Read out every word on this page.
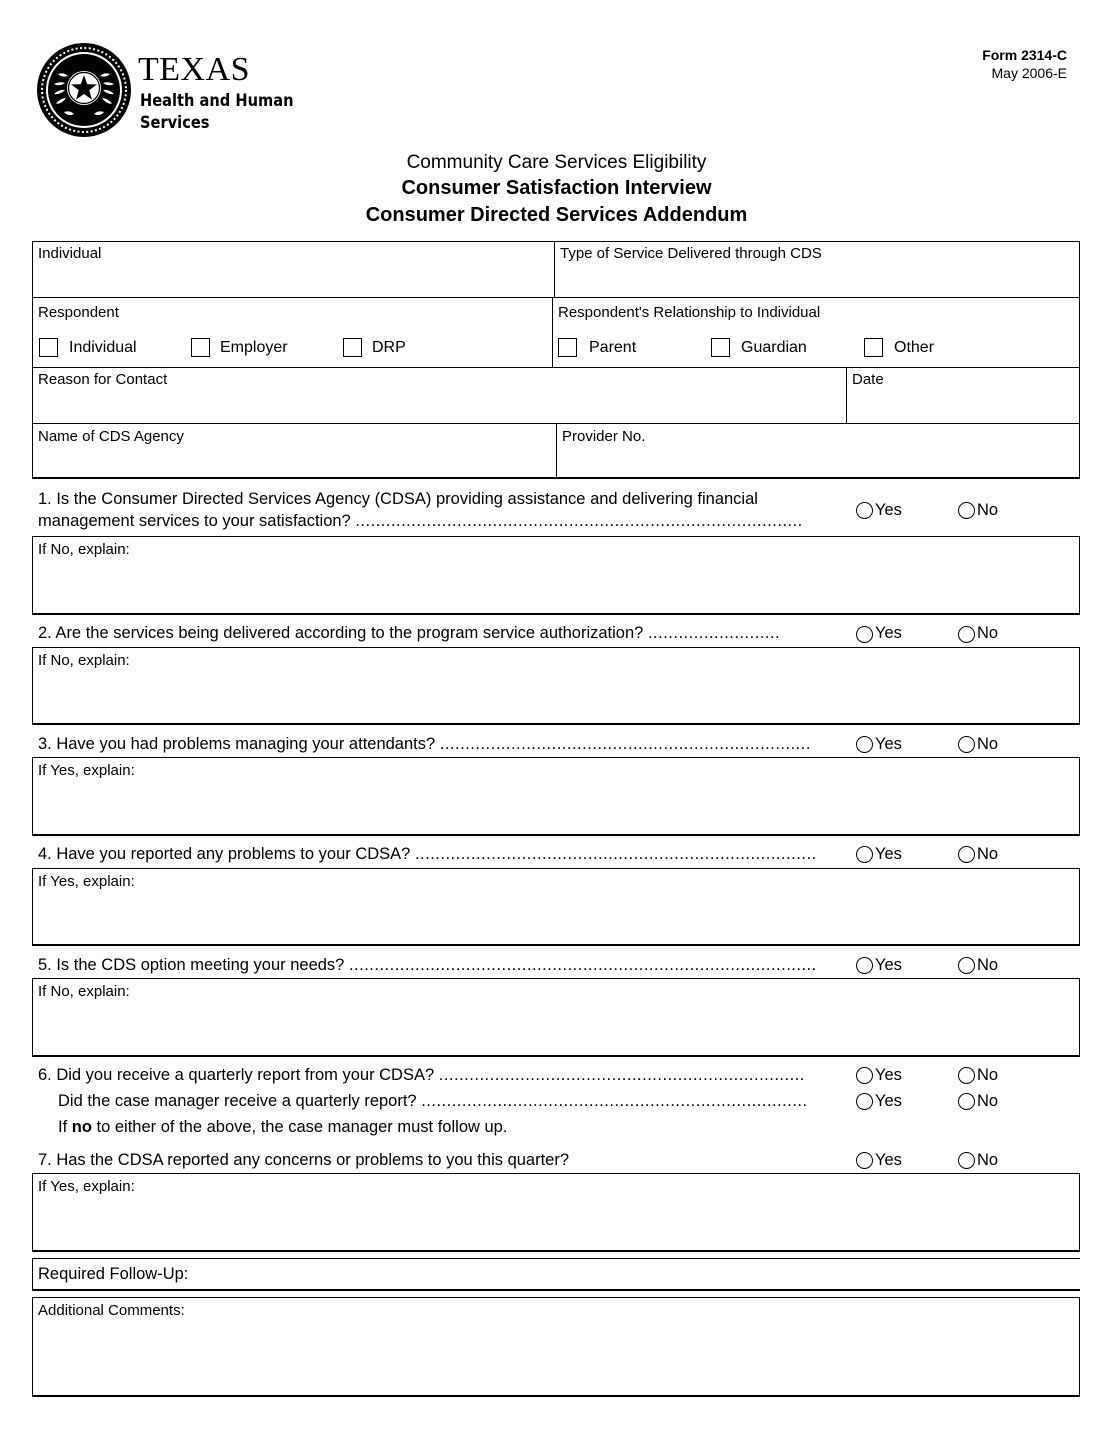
TEXAS
Health and Human
Services
Form 2314-C
May 2006-E
Community Care Services Eligibility
Consumer Satisfaction Interview
Consumer Directed Services Addendum
Individual	Type of Service Delivered through CDS
Respondent
Individual	Employer	DRP
Respondent's Relationship to Individual
Parent	Guardian	Other
Reason for Contact	Date
Name of CDS Agency	Provider No.
1. Is the Consumer Directed Services Agency (CDSA) providing assistance and delivering financial
management services to your satisfaction? ........................................................................................
Yes	No
If No, explain:
2. Are the services being delivered according to the program service authorization? ..........................	Yes	No
If No, explain:
3. Have you had problems managing your attendants? .........................................................................	Yes	No
If Yes, explain:
4. Have you reported any problems to your CDSA? ...............................................................................	Yes	No
If Yes, explain:
5. Is the CDS option meeting your needs? ............................................................................................	Yes	No
If No, explain:
6. Did you receive a quarterly report from your CDSA? ........................................................................	Yes	No
Did the case manager receive a quarterly report? ............................................................................	Yes	No
If no to either of the above, the case manager must follow up.
7. Has the CDSA reported any concerns or problems to you this quarter?	Yes	No
If Yes, explain:
Required Follow-Up:
Additional Comments:
